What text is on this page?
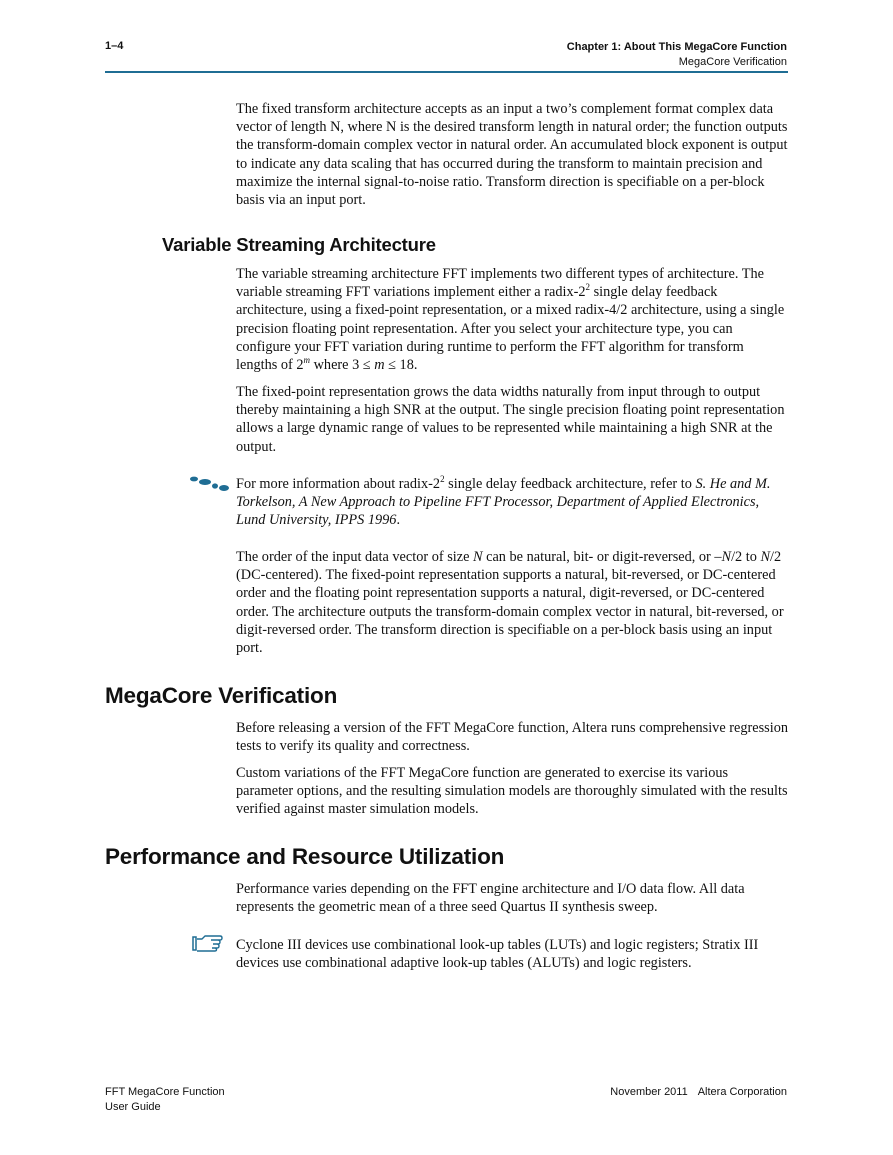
1–4	Chapter 1: About This MegaCore Function
MegaCore Verification

The fixed transform architecture accepts as an input a two’s complement format complex data vector of length N, where N is the desired transform length in natural order; the function outputs the transform-domain complex vector in natural order. An accumulated block exponent is output to indicate any data scaling that has occurred during the transform to maintain precision and maximize the internal signal-to-noise ratio. Transform direction is specifiable on a per-block basis via an input port.

Variable Streaming Architecture

The variable streaming architecture FFT implements two different types of architecture. The variable streaming FFT variations implement either a radix-$2^2$ single delay feedback architecture, using a fixed-point representation, or a mixed radix-4/2 architecture, using a single precision floating point representation. After you select your architecture type, you can configure your FFT variation during runtime to perform the FFT algorithm for transform lengths of 2$^m$ where 3 ≤ m ≤ 18.

The fixed-point representation grows the data widths naturally from input through to output thereby maintaining a high SNR at the output. The single precision floating point representation allows a large dynamic range of values to be represented while maintaining a high SNR at the output.

For more information about radix-$2^2$ single delay feedback architecture, refer to S. He and M. Torkelson, A New Approach to Pipeline FFT Processor, Department of Applied Electronics, Lund University, IPPS 1996.

The order of the input data vector of size N can be natural, bit- or digit-reversed, or –N/2 to N/2 (DC-centered). The fixed-point representation supports a natural, bit-reversed, or DC-centered order and the floating point representation supports a natural, digit-reversed, or DC-centered order. The architecture outputs the transform-domain complex vector in natural, bit-reversed, or digit-reversed order. The transform direction is specifiable on a per-block basis using an input port.

MegaCore Verification

Before releasing a version of the FFT MegaCore function, Altera runs comprehensive regression tests to verify its quality and correctness.

Custom variations of the FFT MegaCore function are generated to exercise its various parameter options, and the resulting simulation models are thoroughly simulated with the results verified against master simulation models.

Performance and Resource Utilization

Performance varies depending on the FFT engine architecture and I/O data flow. All data represents the geometric mean of a three seed Quartus II synthesis sweep.

Cyclone III devices use combinational look-up tables (LUTs) and logic registers; Stratix III devices use combinational adaptive look-up tables (ALUTs) and logic registers.

FFT MegaCore Function
User Guide
November 2011 Altera Corporation
